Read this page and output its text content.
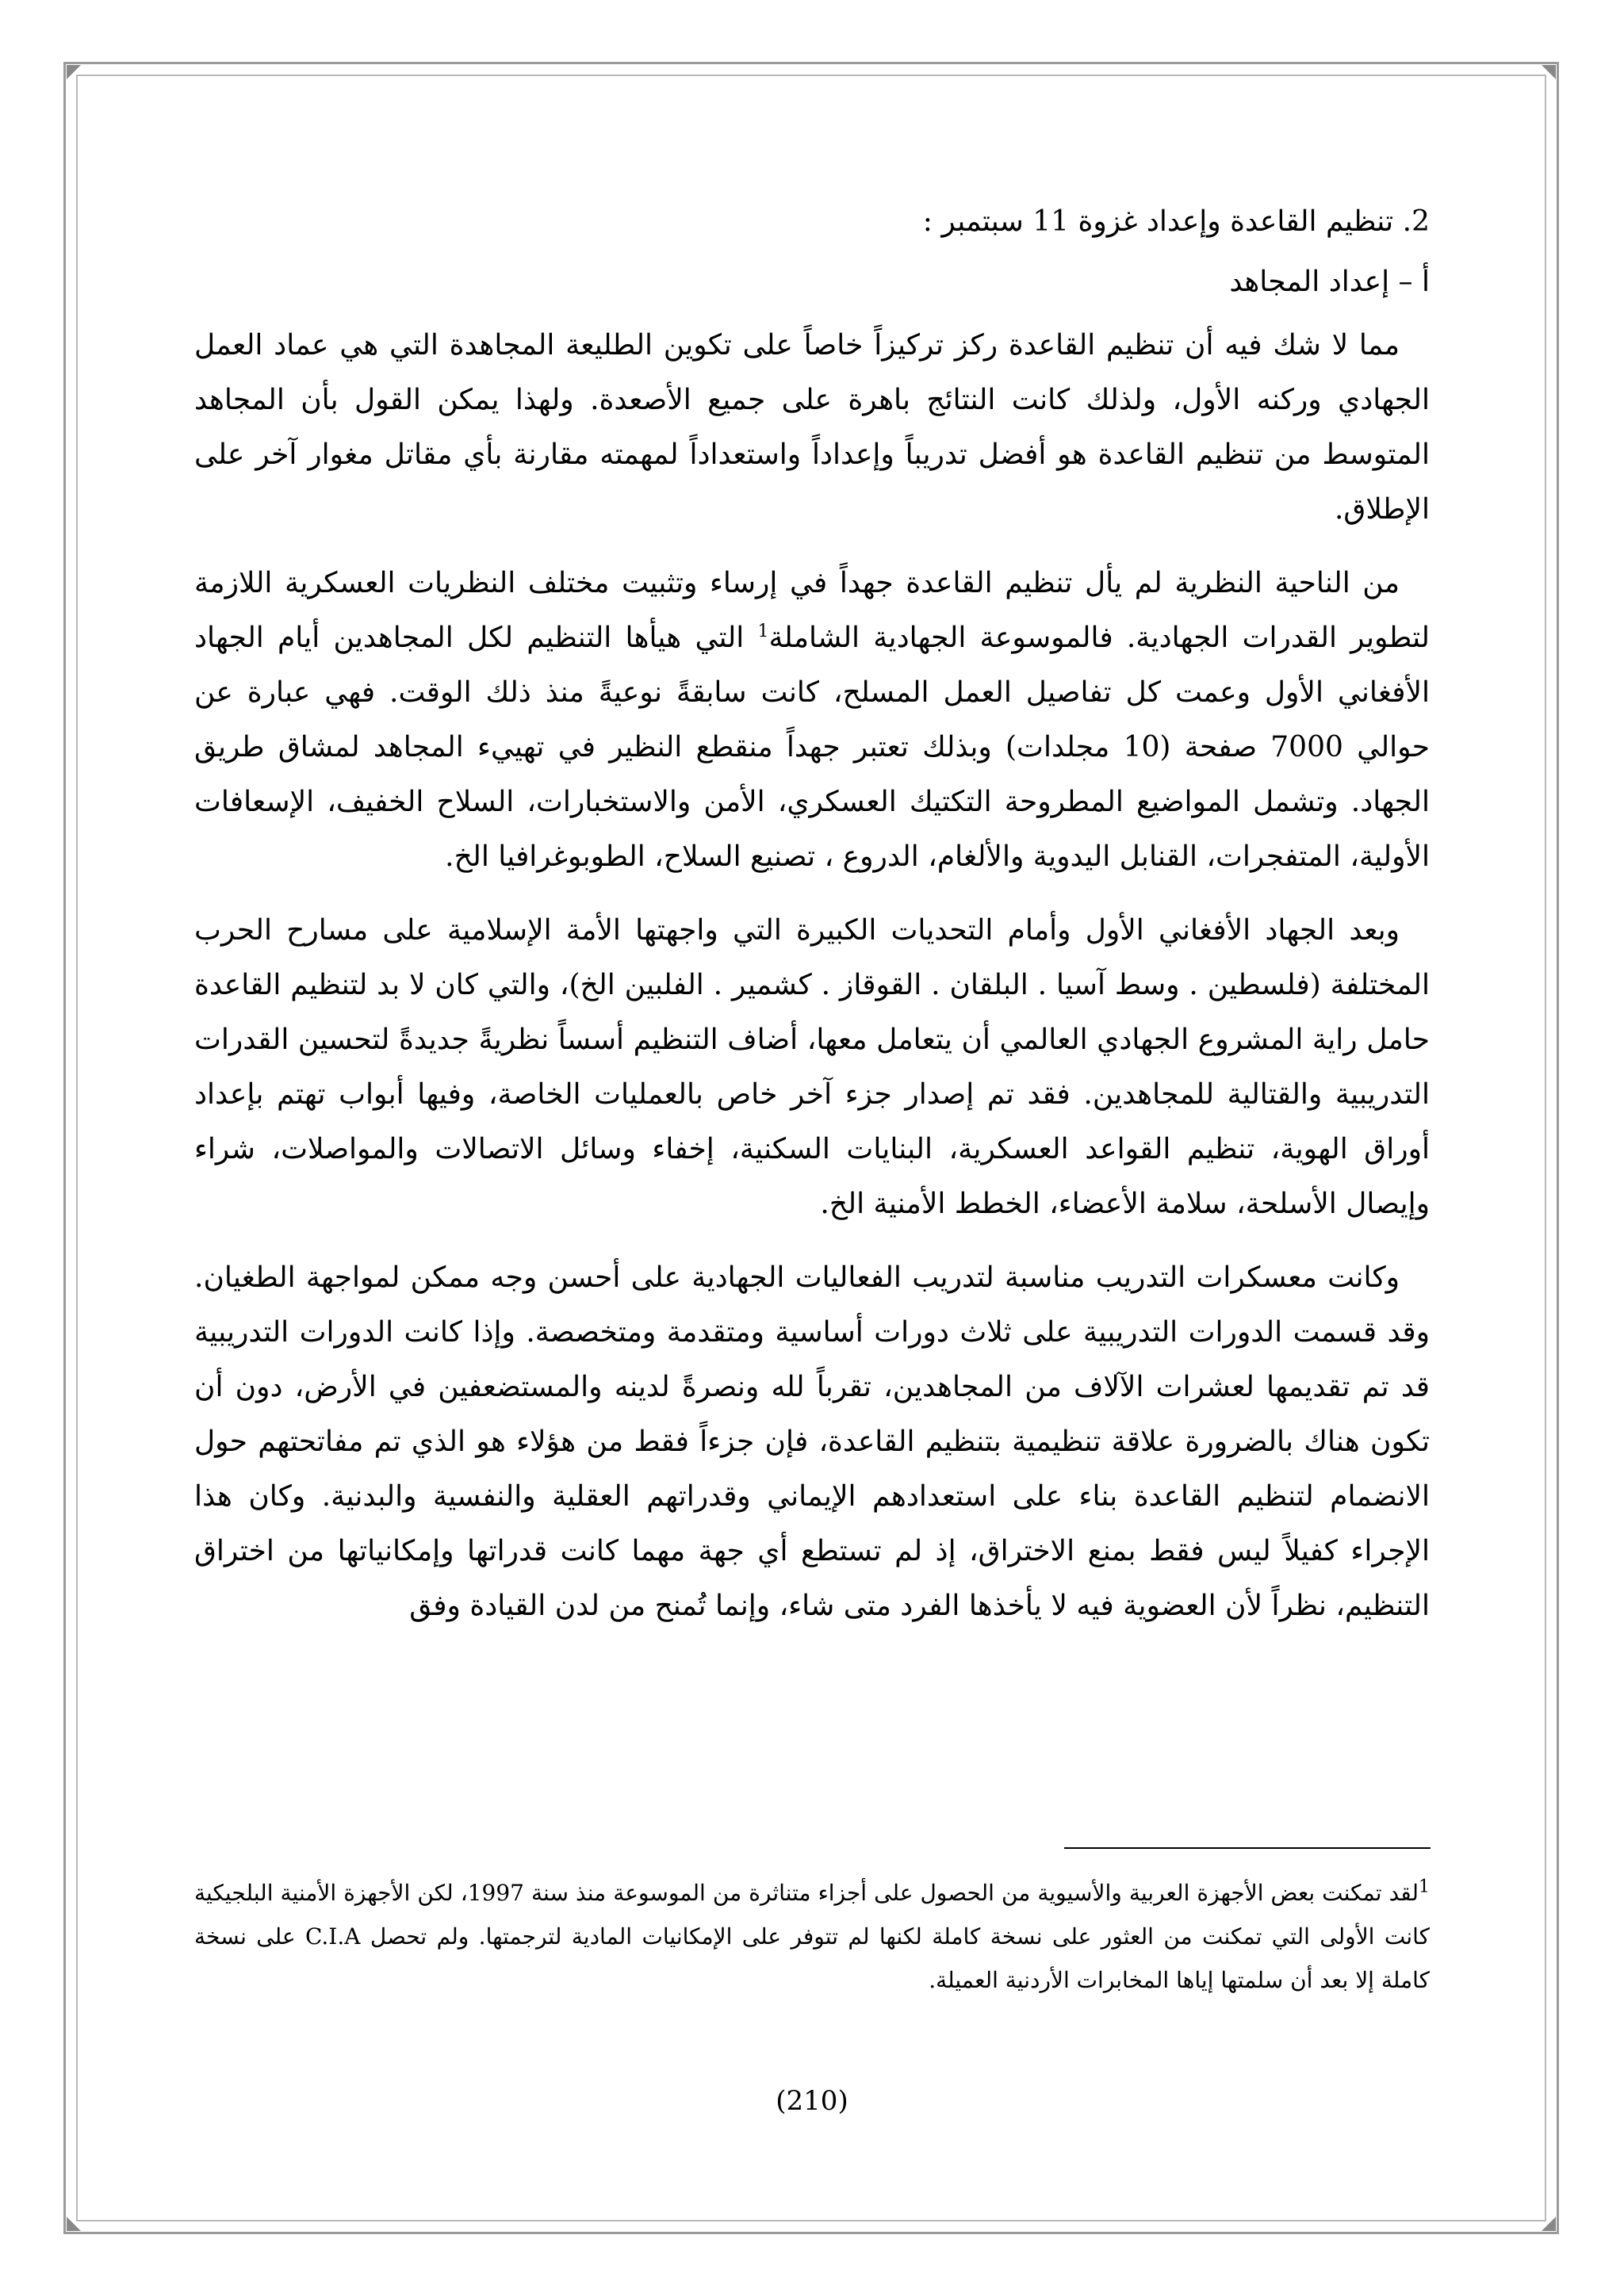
2. تنظيم القاعدة وإعداد غزوة 11 سبتمبر :

أ – إعداد المجاهد

مما لا شك فيه أن تنظيم القاعدة ركز تركيزاً خاصاً على تكوين الطليعة المجاهدة التي هي عماد العمل الجهادي وركنه الأول، ولذلك كانت النتائج باهرة على جميع الأصعدة. ولهذا يمكن القول بأن المجاهد المتوسط من تنظيم القاعدة هو أفضل تدريباً وإعداداً واستعداداً لمهمته مقارنة بأي مقاتل مغوار آخر على الإطلاق.

من الناحية النظرية لم يأل تنظيم القاعدة جهداً في إرساء وتثبيت مختلف النظريات العسكرية اللازمة لتطوير القدرات الجهادية. فالموسوعة الجهادية الشاملة$^1$ التي هيأها التنظيم لكل المجاهدين أيام الجهاد الأفغاني الأول وعمت كل تفاصيل العمل المسلح، كانت سابقةً نوعيةً منذ ذلك الوقت. فهي عبارة عن حوالي 7000 صفحة (10 مجلدات) وبذلك تعتبر جهداً منقطع النظير في تهييء المجاهد لمشاق طريق الجهاد. وتشمل المواضيع المطروحة التكتيك العسكري، الأمن والاستخبارات، السلاح الخفيف، الإسعافات الأولية، المتفجرات، القنابل اليدوية والألغام، الدروع ، تصنيع السلاح، الطوبوغرافيا الخ.

وبعد الجهاد الأفغاني الأول وأمام التحديات الكبيرة التي واجهتها الأمة الإسلامية على مسارح الحرب المختلفة (فلسطين . وسط آسيا . البلقان . القوقاز . كشمير . الفلبين الخ)، والتي كان لا بد لتنظيم القاعدة حامل راية المشروع الجهادي العالمي أن يتعامل معها، أضاف التنظيم أسساً نظريةً جديدةً لتحسين القدرات التدريبية والقتالية للمجاهدين. فقد تم إصدار جزء آخر خاص بالعمليات الخاصة، وفيها أبواب تهتم بإعداد أوراق الهوية، تنظيم القواعد العسكرية، البنايات السكنية، إخفاء وسائل الاتصالات والمواصلات، شراء وإيصال الأسلحة، سلامة الأعضاء، الخطط الأمنية الخ.

وكانت معسكرات التدريب مناسبة لتدريب الفعاليات الجهادية على أحسن وجه ممكن لمواجهة الطغيان. وقد قسمت الدورات التدريبية على ثلاث دورات أساسية ومتقدمة ومتخصصة. وإذا كانت الدورات التدريبية قد تم تقديمها لعشرات الآلاف من المجاهدين، تقرباً لله ونصرةً لدينه والمستضعفين في الأرض، دون أن تكون هناك بالضرورة علاقة تنظيمية بتنظيم القاعدة، فإن جزءاً فقط من هؤلاء هو الذي تم مفاتحتهم حول الانضمام لتنظيم القاعدة بناء على استعدادهم الإيماني وقدراتهم العقلية والنفسية والبدنية. وكان هذا الإجراء كفيلاً ليس فقط بمنع الاختراق، إذ لم تستطع أي جهة مهما كانت قدراتها وإمكانياتها من اختراق التنظيم، نظراً لأن العضوية فيه لا يأخذها الفرد متى شاء، وإنما تُمنح من لدن القيادة وفق

$^1$لقد تمكنت بعض الأجهزة العربية والأسيوية من الحصول على أجزاء متناثرة من الموسوعة منذ سنة 1997، لكن الأجهزة الأمنية البلجيكية كانت الأولى التي تمكنت من العثور على نسخة كاملة لكنها لم تتوفر على الإمكانيات المادية لترجمتها. ولم تحصل C.I.A على نسخة كاملة إلا بعد أن سلمتها إياها المخابرات الأردنية العميلة.
(210)
